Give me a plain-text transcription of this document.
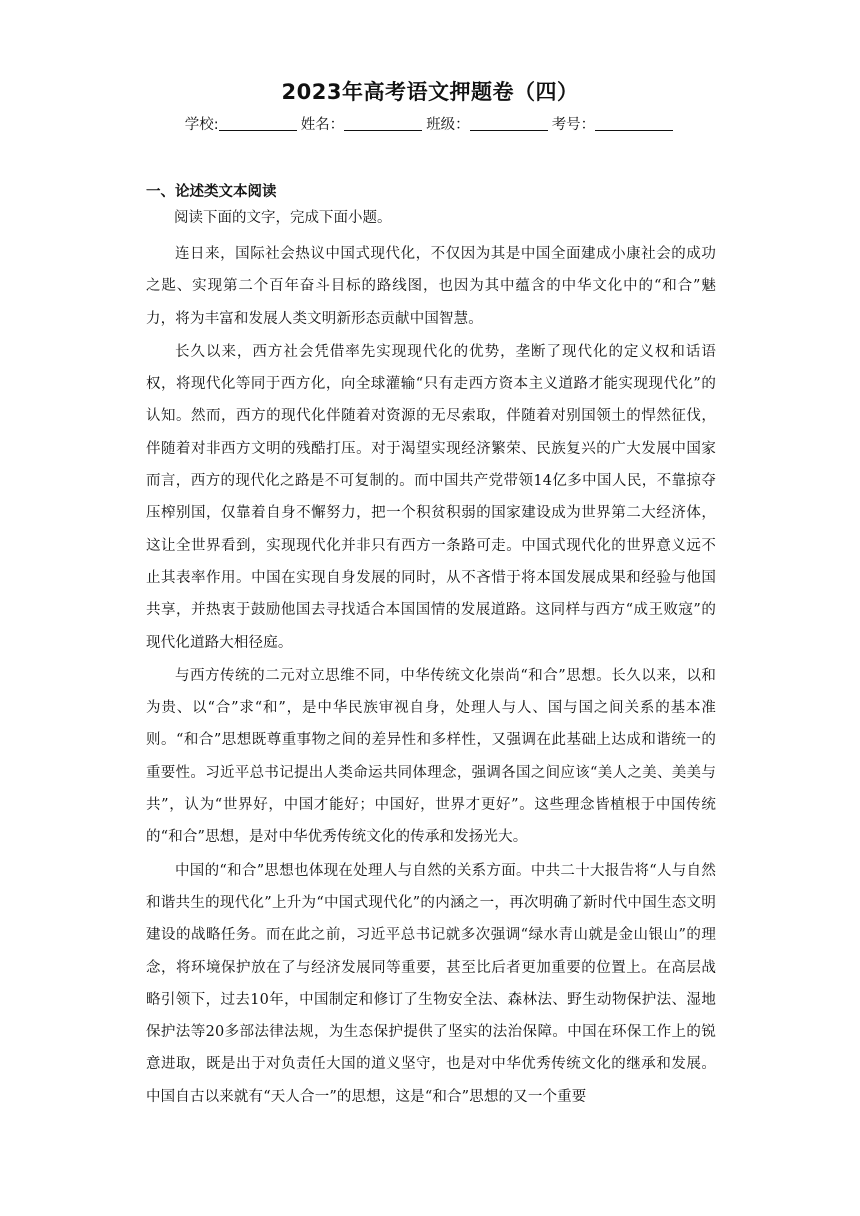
2023年高考语文押题卷（四）
学校:	姓名：	班级：	考号：
一、论述类文本阅读
阅读下面的文字，完成下面小题。

连日来，国际社会热议中国式现代化，不仅因为其是中国全面建成小康社会的成功之匙、实现第二个百年奋斗目标的路线图，也因为其中蕴含的中华文化中的“和合”魅力，将为丰富和发展人类文明新形态贡献中国智慧。

长久以来，西方社会凭借率先实现现代化的优势，垄断了现代化的定义权和话语权，将现代化等同于西方化，向全球灌输“只有走西方资本主义道路才能实现现代化”的认知。然而，西方的现代化伴随着对资源的无尽索取，伴随着对别国领土的悍然征伐，伴随着对非西方文明的残酷打压。对于渴望实现经济繁荣、民族复兴的广大发展中国家而言，西方的现代化之路是不可复制的。而中国共产党带领14亿多中国人民，不靠掠夺压榨别国，仅靠着自身不懈努力，把一个积贫积弱的国家建设成为世界第二大经济体，这让全世界看到，实现现代化并非只有西方一条路可走。中国式现代化的世界意义远不止其表率作用。中国在实现自身发展的同时，从不吝惜于将本国发展成果和经验与他国共享，并热衷于鼓励他国去寻找适合本国国情的发展道路。这同样与西方“成王败寇”的现代化道路大相径庭。

与西方传统的二元对立思维不同，中华传统文化崇尚“和合”思想。长久以来，以和为贵、以“合”求“和”，是中华民族审视自身，处理人与人、国与国之间关系的基本准则。“和合”思想既尊重事物之间的差异性和多样性，又强调在此基础上达成和谐统一的重要性。习近平总书记提出人类命运共同体理念，强调各国之间应该“美人之美、美美与共”，认为“世界好，中国才能好；中国好，世界才更好”。这些理念皆植根于中国传统的“和合”思想，是对中华优秀传统文化的传承和发扬光大。

中国的“和合”思想也体现在处理人与自然的关系方面。中共二十大报告将“人与自然和谐共生的现代化”上升为“中国式现代化”的内涵之一，再次明确了新时代中国生态文明建设的战略任务。而在此之前，习近平总书记就多次强调“绿水青山就是金山银山”的理念，将环境保护放在了与经济发展同等重要，甚至比后者更加重要的位置上。在高层战略引领下，过去10年，中国制定和修订了生物安全法、森林法、野生动物保护法、湿地保护法等20多部法律法规，为生态保护提供了坚实的法治保障。中国在环保工作上的锐意进取，既是出于对负责任大国的道义坚守，也是对中华优秀传统文化的继承和发展。中国自古以来就有“天人合一”的思想，这是“和合”思想的又一个重要
